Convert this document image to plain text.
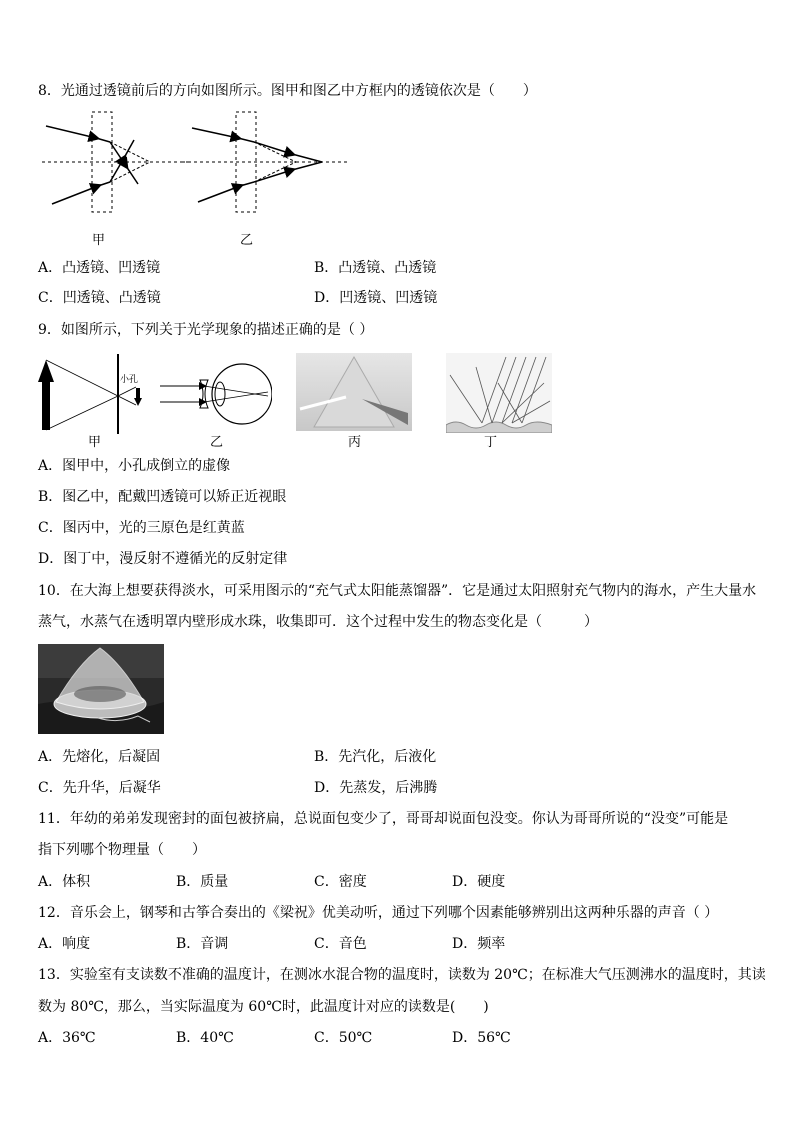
8．光通过透镜前后的方向如图所示。图甲和图乙中方框内的透镜依次是（　　）
甲	乙
A．凸透镜、凹透镜	B．凸透镜、凸透镜
C．凹透镜、凸透镜	D．凹透镜、凹透镜
9．如图所示，下列关于光学现象的描述正确的是（ ）
小孔
甲	乙	丙	丁
A．图甲中，小孔成倒立的虚像
B．图乙中，配戴凹透镜可以矫正近视眼
C．图丙中，光的三原色是红黄蓝
D．图丁中，漫反射不遵循光的反射定律
10．在大海上想要获得淡水，可采用图示的“充气式太阳能蒸馏器”．它是通过太阳照射充气物内的海水，产生大量水
蒸气，水蒸气在透明罩内壁形成水珠，收集即可．这个过程中发生的物态变化是（　　　）
A．先熔化，后凝固	B．先汽化，后液化
C．先升华，后凝华	D．先蒸发，后沸腾
11．年幼的弟弟发现密封的面包被挤扁，总说面包变少了，哥哥却说面包没变。你认为哥哥所说的“没变”可能是
指下列哪个物理量（　　）
A．体积	B．质量	C．密度	D．硬度
12．音乐会上，钢琴和古筝合奏出的《梁祝》优美动听，通过下列哪个因素能够辨别出这两种乐器的声音（ ）
A．响度	B．音调	C．音色	D．频率
13．实验室有支读数不准确的温度计，在测冰水混合物的温度时，读数为 20℃；在标准大气压测沸水的温度时，其读
数为 80℃，那么，当实际温度为 60℃时，此温度计对应的读数是(　　)
A．36℃	B．40℃	C．50℃	D．56℃
